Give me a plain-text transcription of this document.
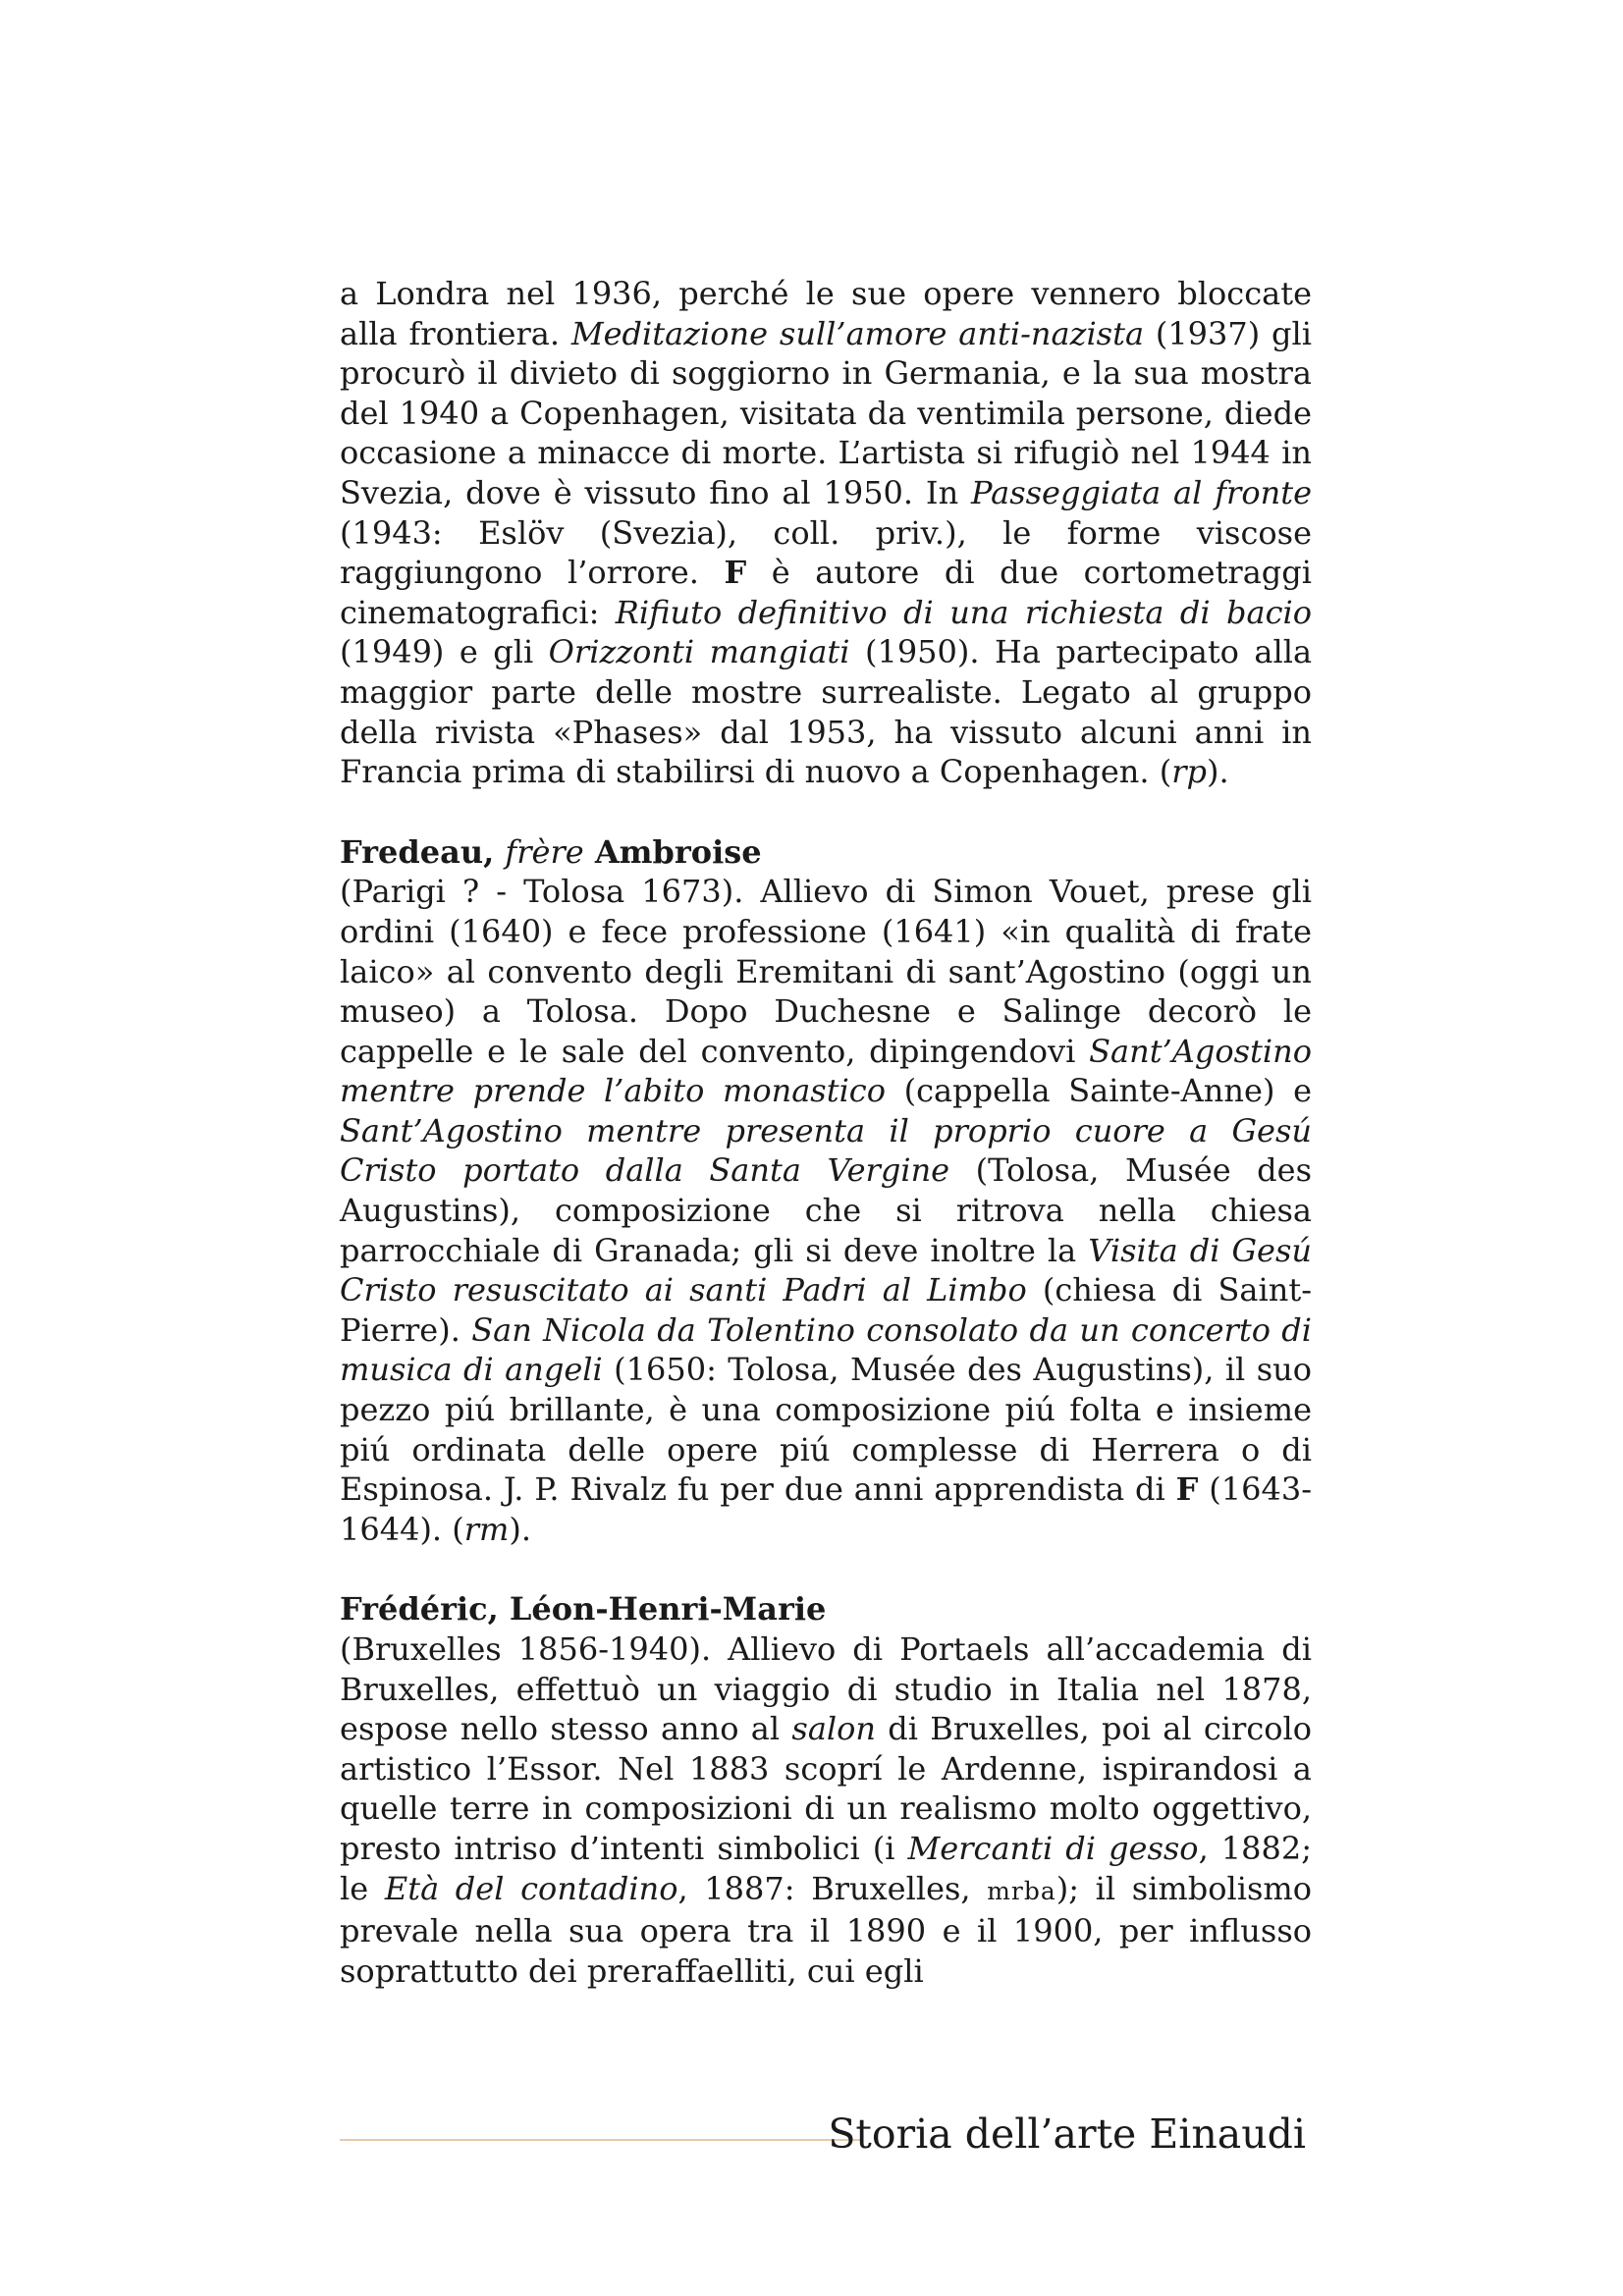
a Londra nel 1936, perché le sue opere vennero bloccate alla frontiera. Meditazione sull’amore anti-nazista (1937) gli procurò il divieto di soggiorno in Germania, e la sua mostra del 1940 a Copenhagen, visitata da ventimila persone, diede occasione a minacce di morte. L’artista si rifugiò nel 1944 in Svezia, dove è vissuto fino al 1950. In Passeggiata al fronte (1943: Eslöv (Svezia), coll. priv.), le forme viscose raggiungono l’orrore. F è autore di due cortometraggi cinematografici: Rifiuto definitivo di una richiesta di bacio (1949) e gli Orizzonti mangiati (1950). Ha partecipato alla maggior parte delle mostre surrealiste. Legato al gruppo della rivista «Phases» dal 1953, ha vissuto alcuni anni in Francia prima di stabilirsi di nuovo a Copenhagen. (rp).

Fredeau, frère Ambroise

(Parigi ? - Tolosa 1673). Allievo di Simon Vouet, prese gli ordini (1640) e fece professione (1641) «in qualità di frate laico» al convento degli Eremitani di sant’Agostino (oggi un museo) a Tolosa. Dopo Duchesne e Salinge decorò le cappelle e le sale del convento, dipingendovi Sant’Agostino mentre prende l’abito monastico (cappella Sainte-Anne) e Sant’Agostino mentre presenta il proprio cuore a Gesú Cristo portato dalla Santa Vergine (Tolosa, Musée des Augustins), composizione che si ritrova nella chiesa parrocchiale di Granada; gli si deve inoltre la Visita di Gesú Cristo resuscitato ai santi Padri al Limbo (chiesa di Saint-Pierre). San Nicola da Tolentino consolato da un concerto di musica di angeli (1650: Tolosa, Musée des Augustins), il suo pezzo piú brillante, è una composizione piú folta e insieme piú ordinata delle opere piú complesse di Herrera o di Espinosa. J. P. Rivalz fu per due anni apprendista di F (1643-1644). (rm).

Frédéric, Léon-Henri-Marie

(Bruxelles 1856-1940). Allievo di Portaels all’accademia di Bruxelles, effettuò un viaggio di studio in Italia nel 1878, espose nello stesso anno al salon di Bruxelles, poi al circolo artistico l’Essor. Nel 1883 scoprí le Ardenne, ispirandosi a quelle terre in composizioni di un realismo molto oggettivo, presto intriso d’intenti simbolici (i Mercanti di gesso, 1882; le Età del contadino, 1887: Bruxelles, mrba); il simbolismo prevale nella sua opera tra il 1890 e il 1900, per influsso soprattutto dei preraffaelliti, cui egli

Storia dell’arte Einaudi
